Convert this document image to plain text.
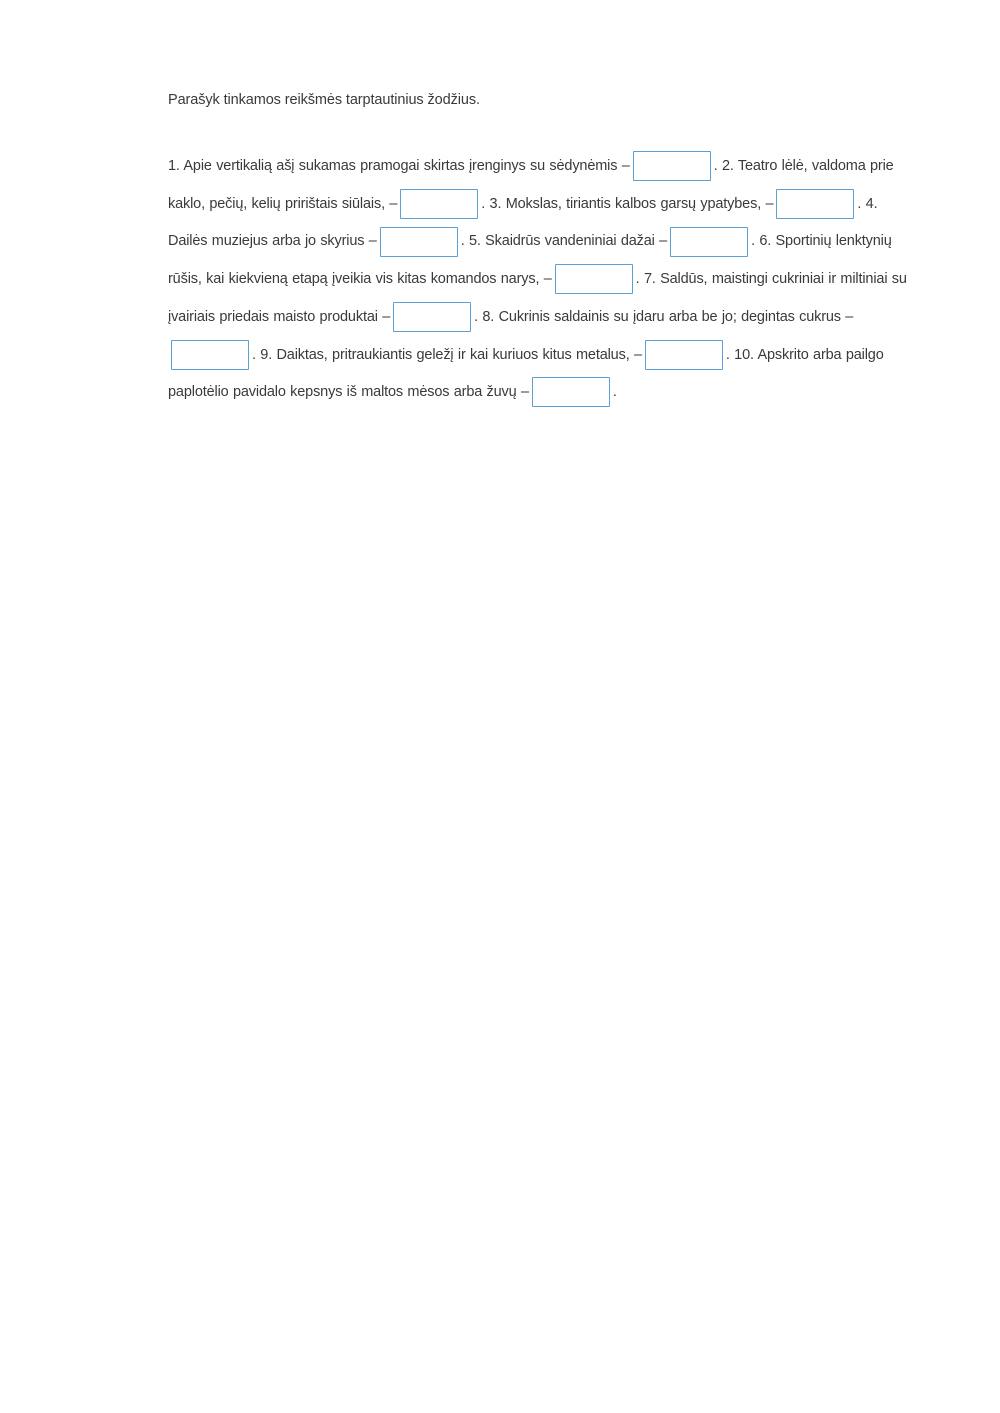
Parašyk tinkamos reikšmės tarptautinius žodžius.

1. Apie vertikalią ašį sukamas pramogai skirtas įrenginys su sėdynėmis –	. 2. Teatro lėlė, valdoma prie kaklo, pečių, kelių pririštais siūlais, –	. 3. Mokslas, tiriantis kalbos garsų ypatybes, –	. 4. Dailės muziejus arba jo skyrius –	. 5. Skaidrūs vandeniniai dažai –	. 6. Sportinių lenktynių rūšis, kai kiekvieną etapą įveikia vis kitas komandos narys, –	. 7. Saldūs, maistingi cukriniai ir miltiniai su įvairiais priedais maisto produktai –	. 8. Cukrinis saldainis su įdaru arba be jo; degintas cukrus –. 9. Daiktas, pritraukiantis geležį ir kai kuriuos kitus metalus, –	. 10. Apskrito arba pailgo paplotėlio pavidalo kepsnys iš maltos mėsos arba žuvų –	.
